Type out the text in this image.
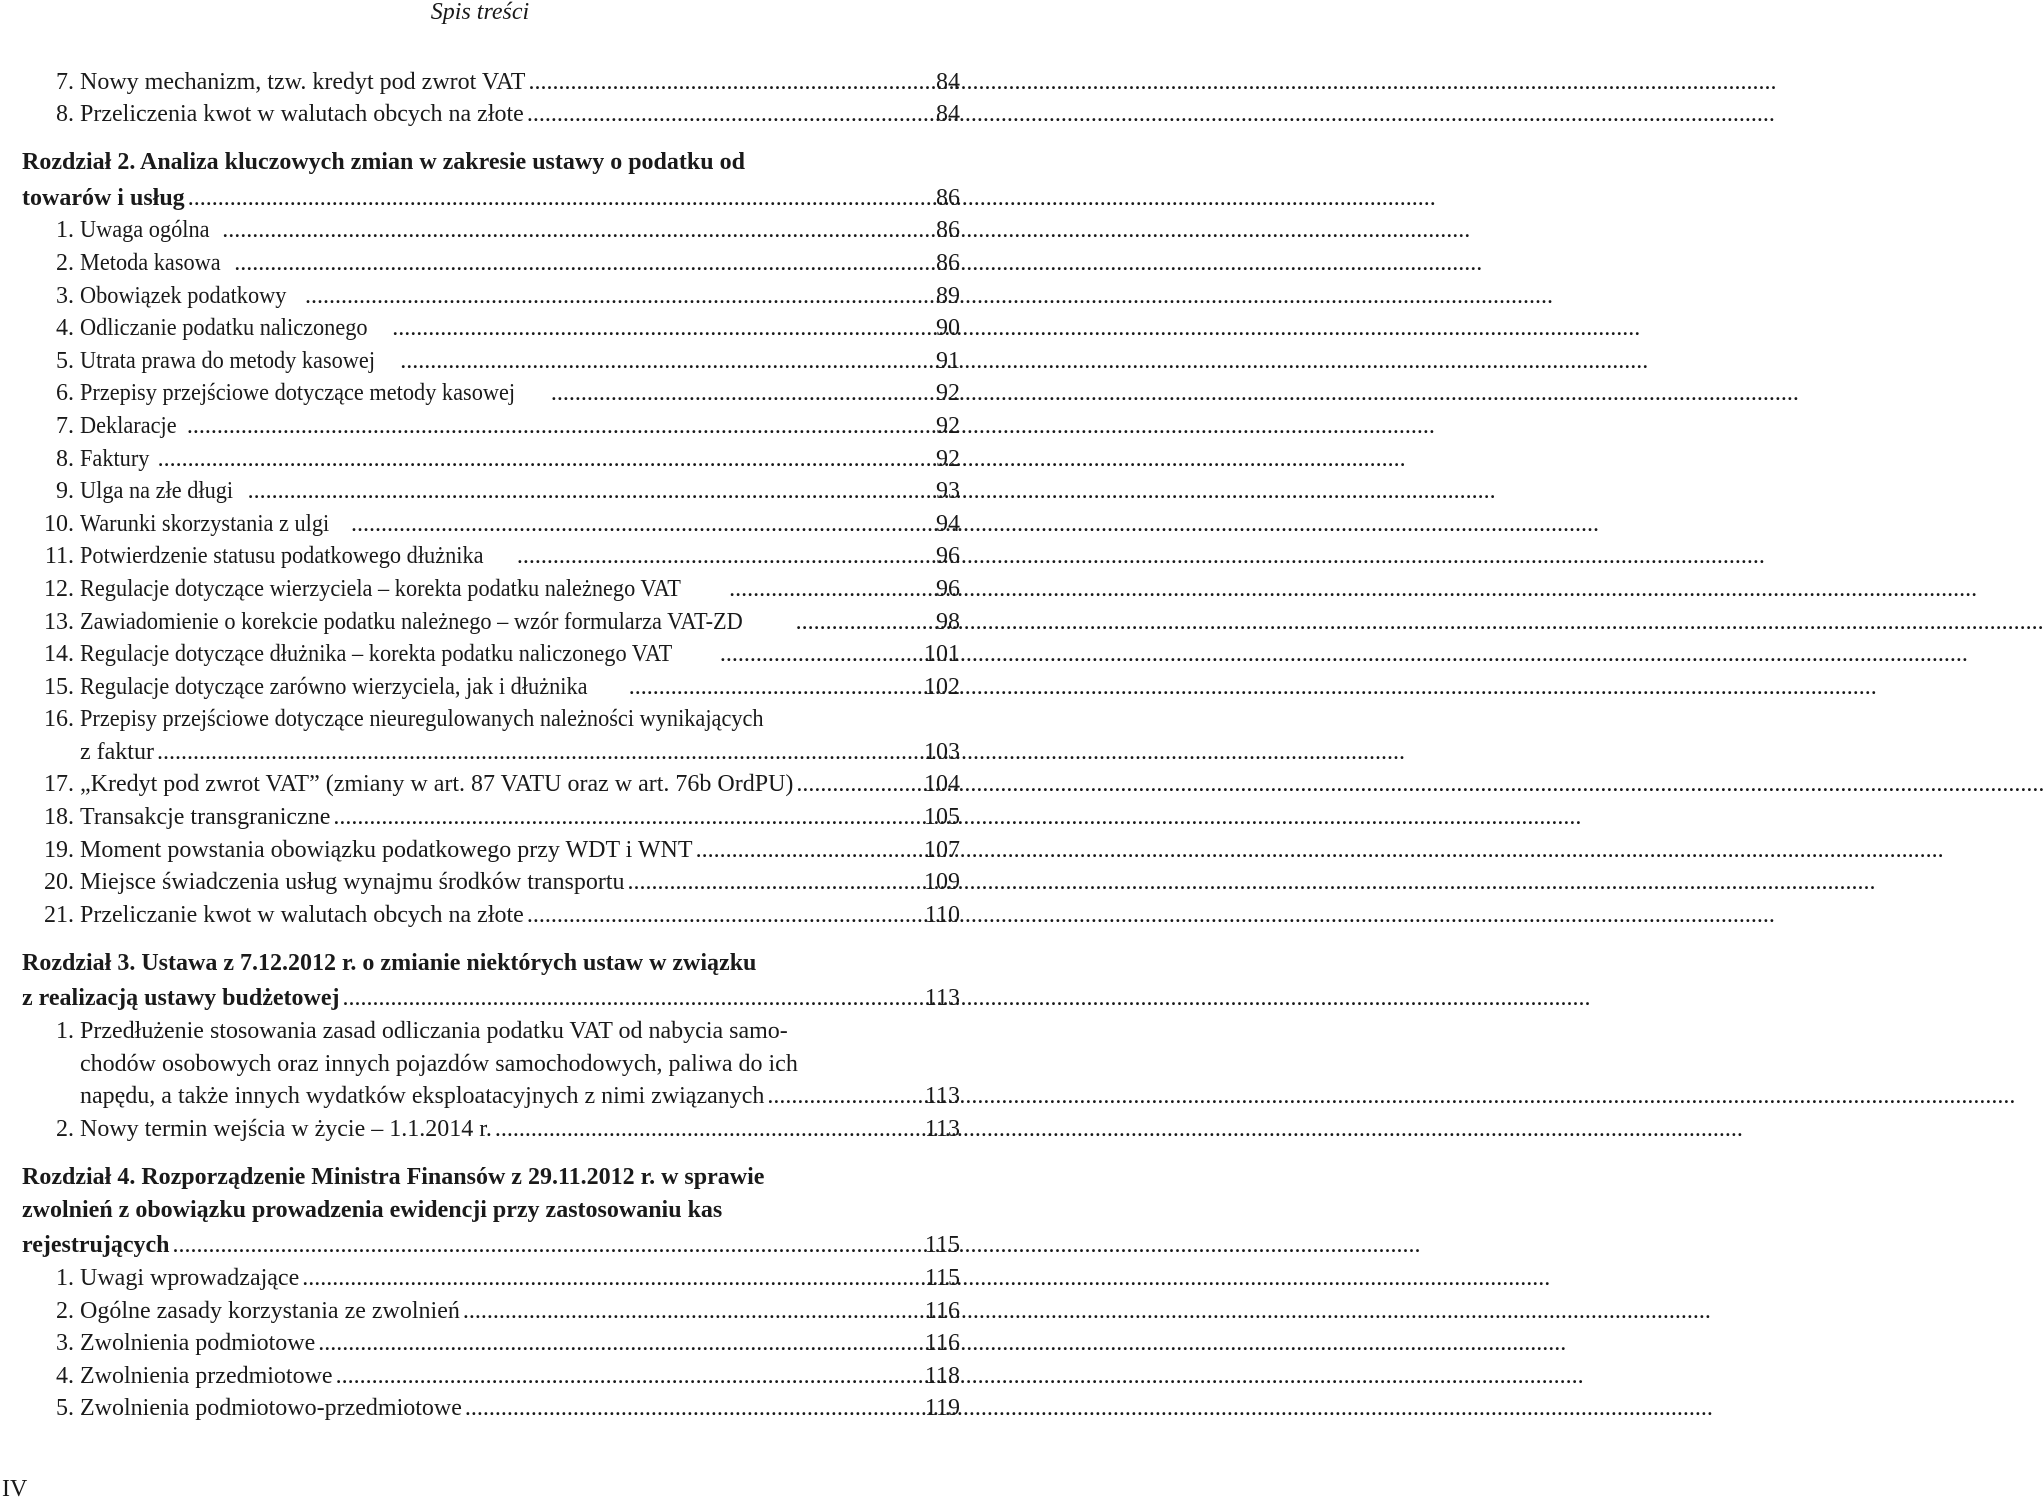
Spis treści
7. Nowy mechanizm, tzw. kredyt pod zwrot VAT .....	84
8. Przeliczenia kwot w walutach obcych na złote .....	84
Rozdział 2. Analiza kluczowych zmian w zakresie ustawy o podatku od
towarów i usług .....	86
1. Uwaga ogólna .....	86
2. Metoda kasowa .....	86
3. Obowiązek podatkowy .....	89
4. Odliczanie podatku naliczonego .....	90
5. Utrata prawa do metody kasowej .....	91
6. Przepisy przejściowe dotyczące metody kasowej .....	92
7. Deklaracje .....	92
8. Faktury .....	92
9. Ulga na złe długi .....	93
10. Warunki skorzystania z ulgi .....	94
11. Potwierdzenie statusu podatkowego dłużnika .....	96
12. Regulacje dotyczące wierzyciela – korekta podatku należnego VAT .....	96
13. Zawiadomienie o korekcie podatku należnego – wzór formularza VAT-ZD .....	98
14. Regulacje dotyczące dłużnika – korekta podatku naliczonego VAT .....	101
15. Regulacje dotyczące zarówno wierzyciela, jak i dłużnika .....	102
16. Przepisy przejściowe dotyczące nieuregulowanych należności wynikających
z faktur .....	103
17. „Kredyt pod zwrot VAT” (zmiany w art. 87 VATU oraz w art. 76b OrdPU) .....	104
18. Transakcje transgraniczne .....	105
19. Moment powstania obowiązku podatkowego przy WDT i WNT .....	107
20. Miejsce świadczenia usług wynajmu środków transportu .....	109
21. Przeliczanie kwot w walutach obcych na złote .....	110
Rozdział 3. Ustawa z 7.12.2012 r. o zmianie niektórych ustaw w związku
z realizacją ustawy budżetowej .....	113
1. Przedłużenie stosowania zasad odliczania podatku VAT od nabycia samo-
chodów osobowych oraz innych pojazdów samochodowych, paliwa do ich
napędu, a także innych wydatków eksploatacyjnych z nimi związanych .....	113
2. Nowy termin wejścia w życie – 1.1.2014 r. .....	113
Rozdział 4. Rozporządzenie Ministra Finansów z 29.11.2012 r. w sprawie
zwolnień z obowiązku prowadzenia ewidencji przy zastosowaniu kas
rejestrujących .....	115
1. Uwagi wprowadzające .....	115
2. Ogólne zasady korzystania ze zwolnień .....	116
3. Zwolnienia podmiotowe .....	116
4. Zwolnienia przedmiotowe .....	118
5. Zwolnienia podmiotowo-przedmiotowe .....	119
IV
